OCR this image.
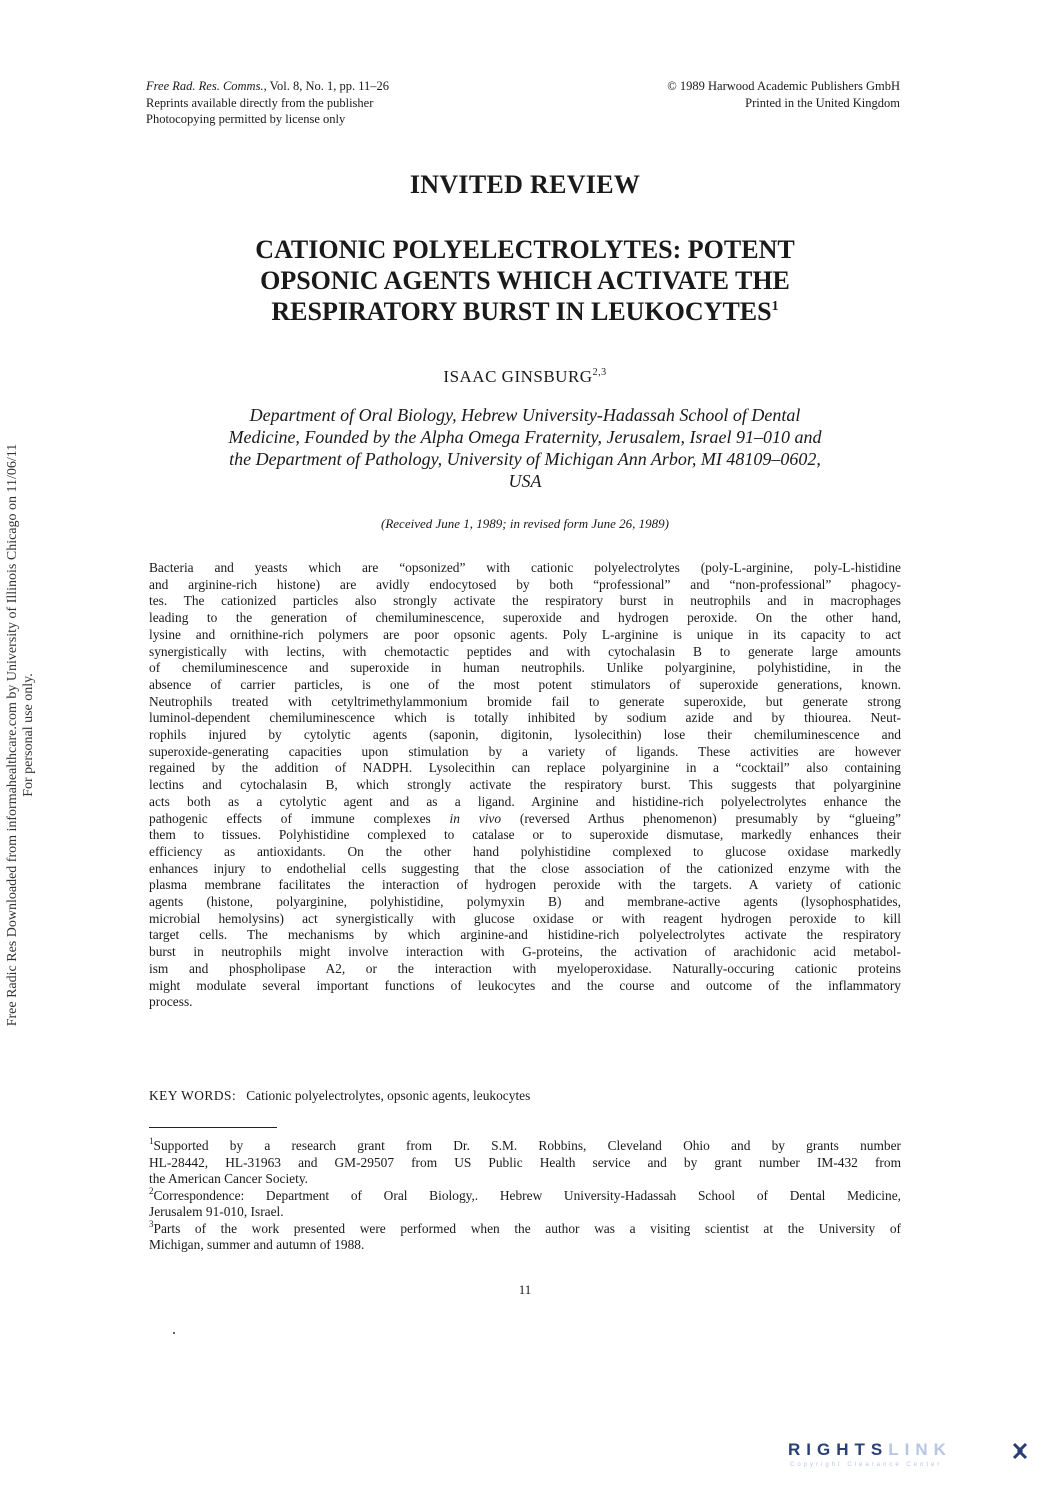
Free Rad. Res. Comms., Vol. 8, No. 1, pp. 11–26
Reprints available directly from the publisher
Photocopying permitted by license only
© 1989 Harwood Academic Publishers GmbH
Printed in the United Kingdom
INVITED REVIEW
CATIONIC POLYELECTROLYTES: POTENT
OPSONIC AGENTS WHICH ACTIVATE THE
RESPIRATORY BURST IN LEUKOCYTES$^1$
ISAAC GINSBURG$^{2,3}$
Department of Oral Biology, Hebrew University-Hadassah School of Dental
Medicine, Founded by the Alpha Omega Fraternity, Jerusalem, Israel 91–010 and
the Department of Pathology, University of Michigan Ann Arbor, MI 48109–0602,
USA
(Received June 1, 1989; in revised form June 26, 1989)
Bacteria and yeasts which are “opsonized” with cationic polyelectrolytes (poly-L-arginine, poly-L-histidine
and arginine-rich histone) are avidly endocytosed by both “professional” and “non-professional” phagocy-
tes. The cationized particles also strongly activate the respiratory burst in neutrophils and in macrophages
leading to the generation of chemiluminescence, superoxide and hydrogen peroxide. On the other hand,
lysine and ornithine-rich polymers are poor opsonic agents. Poly L-arginine is unique in its capacity to act
synergistically with lectins, with chemotactic peptides and with cytochalasin B to generate large amounts
of chemiluminescence and superoxide in human neutrophils. Unlike polyarginine, polyhistidine, in the
absence of carrier particles, is one of the most potent stimulators of superoxide generations, known.
Neutrophils treated with cetyltrimethylammonium bromide fail to generate superoxide, but generate strong
luminol-dependent chemiluminescence which is totally inhibited by sodium azide and by thiourea. Neut-
rophils injured by cytolytic agents (saponin, digitonin, lysolecithin) lose their chemiluminescence and
superoxide-generating capacities upon stimulation by a variety of ligands. These activities are however
regained by the addition of NADPH. Lysolecithin can replace polyarginine in a “cocktail” also containing
lectins and cytochalasin B, which strongly activate the respiratory burst. This suggests that polyarginine
acts both as a cytolytic agent and as a ligand. Arginine and histidine-rich polyelectrolytes enhance the
pathogenic effects of immune complexes in vivo (reversed Arthus phenomenon) presumably by “glueing”
them to tissues. Polyhistidine complexed to catalase or to superoxide dismutase, markedly enhances their
efficiency as antioxidants. On the other hand polyhistidine complexed to glucose oxidase markedly
enhances injury to endothelial cells suggesting that the close association of the cationized enzyme with the
plasma membrane facilitates the interaction of hydrogen peroxide with the targets. A variety of cationic
agents (histone, polyarginine, polyhistidine, polymyxin B) and membrane-active agents (lysophosphatides,
microbial hemolysins) act synergistically with glucose oxidase or with reagent hydrogen peroxide to kill
target cells. The mechanisms by which arginine-and histidine-rich polyelectrolytes activate the respiratory
burst in neutrophils might involve interaction with G-proteins, the activation of arachidonic acid metabol-
ism and phospholipase A2, or the interaction with myeloperoxidase. Naturally-occuring cationic proteins
might modulate several important functions of leukocytes and the course and outcome of the inflammatory
process.
KEY WORDS: Cationic polyelectrolytes, opsonic agents, leukocytes
$^1$Supported by a research grant from Dr. S.M. Robbins, Cleveland Ohio and by grants number
HL-28442, HL-31963 and GM-29507 from US Public Health service and by grant number IM-432 from
the American Cancer Society.
$^2$Correspondence: Department of Oral Biology,. Hebrew University-Hadassah School of Dental Medicine,
Jerusalem 91-010, Israel.
$^3$Parts of the work presented were performed when the author was a visiting scientist at the University of
Michigan, summer and autumn of 1988.
11
Free Radic Res Downloaded from informahealthcare.com by University of Illinois Chicago on 11/06/11 For personal use only.
RIGHTSLINK
Copyright Clearance Center
